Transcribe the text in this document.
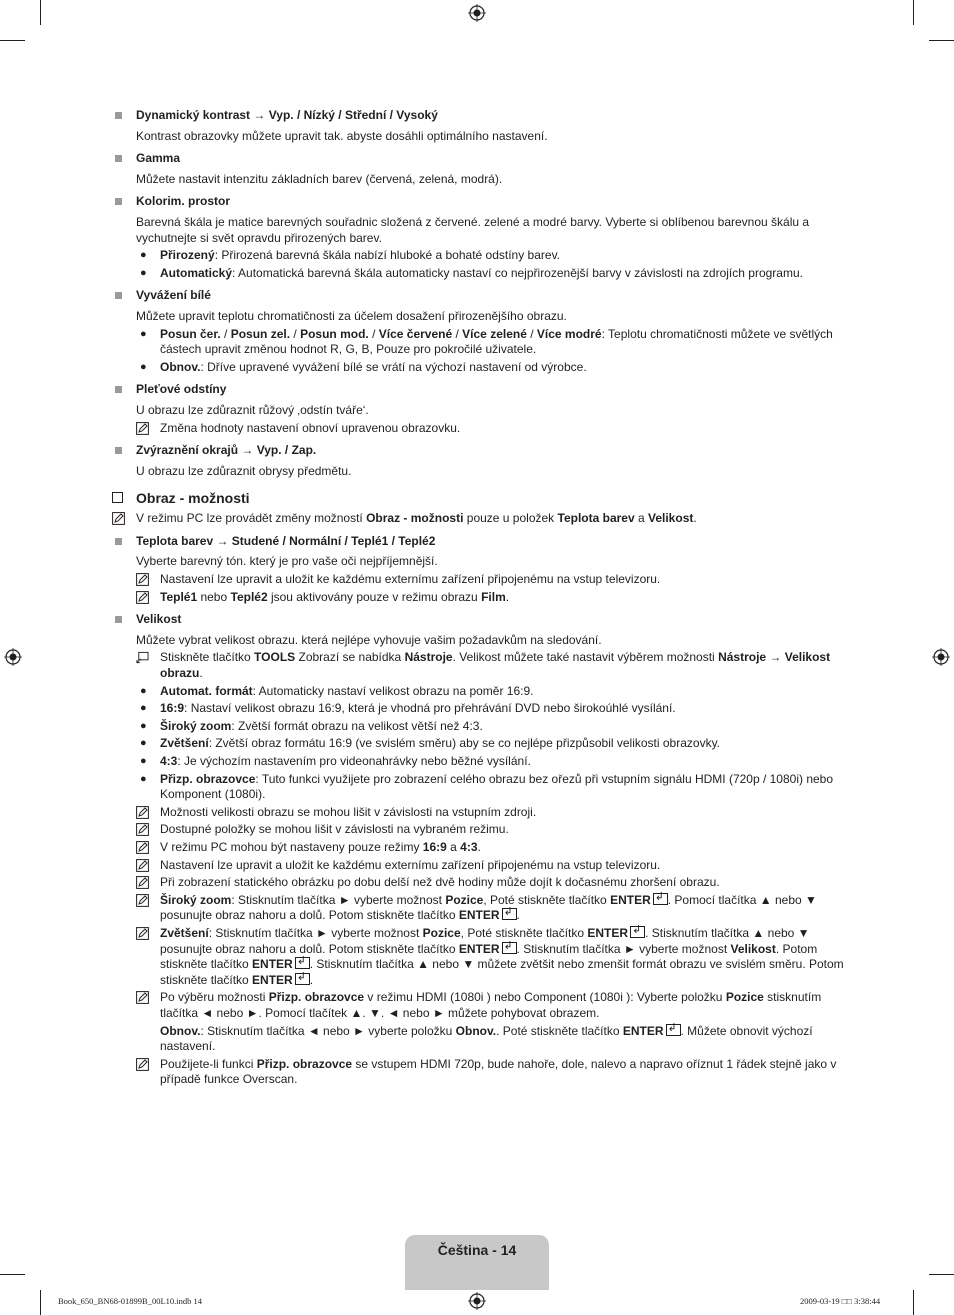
Dynamický kontrast → Vyp. / Nízký / Střední / Vysoký
Kontrast obrazovky můžete upravit tak. abyste dosáhli optimálního nastavení.
Gamma
Můžete nastavit intenzitu základních barev (červená, zelená, modrá).
Kolorim. prostor
Barevná škála je matice barevných souřadnic složená z červené. zelené a modré barvy. Vyberte si oblíbenou barevnou škálu a vychutnejte si svět opravdu přirozených barev.
● Přirozený: Přirozená barevná škála nabízí hluboké a bohaté odstíny barev.
● Automatický: Automatická barevná škála automaticky nastaví co nejpřirozenější barvy v závislosti na zdrojích programu.
Vyvážení bílé
Můžete upravit teplotu chromatičnosti za účelem dosažení přirozenějšího obrazu.
● Posun čer. / Posun zel. / Posun mod. / Více červené / Více zelené / Více modré: Teplotu chromatičnosti můžete ve světlých částech upravit změnou hodnot R, G, B, Pouze pro pokročilé uživatele.
● Obnov.: Dříve upravené vyvážení bílé se vrátí na výchozí nastavení od výrobce.
Pleťové odstíny
U obrazu lze zdůraznit růžový ‚odstín tváře‘.
Změna hodnoty nastavení obnoví upravenou obrazovku.
Zvýraznění okrajů → Vyp. / Zap.
U obrazu lze zdůraznit obrysy předmětu.
Obraz - možnosti
V režimu PC lze provádět změny možností Obraz - možnosti pouze u položek Teplota barev a Velikost.
Teplota barev → Studené / Normální / Teplé1 / Teplé2
Vyberte barevný tón. který je pro vaše oči nejpříjemnější.
Nastavení lze upravit a uložit ke každému externímu zařízení připojenému na vstup televizoru.
Teplé1 nebo Teplé2 jsou aktivovány pouze v režimu obrazu Film.
Velikost
Můžete vybrat velikost obrazu. která nejlépe vyhovuje vašim požadavkům na sledování.
Stiskněte tlačítko TOOLS Zobrazí se nabídka Nástroje. Velikost můžete také nastavit výběrem možnosti Nástroje → Velikost obrazu.
● Automat. formát: Automaticky nastaví velikost obrazu na poměr 16:9.
● 16:9: Nastaví velikost obrazu 16:9, která je vhodná pro přehrávání DVD nebo širokoúhlé vysílání.
● Široký zoom: Zvětší formát obrazu na velikost větší než 4:3.
● Zvětšení: Zvětší obraz formátu 16:9 (ve svislém směru) aby se co nejlépe přizpůsobil velikosti obrazovky.
● 4:3: Je výchozím nastavením pro videonahrávky nebo běžné vysílání.
● Přizp. obrazovce: Tuto funkci využijete pro zobrazení celého obrazu bez ořezů při vstupním signálu HDMI (720p / 1080i) nebo Komponent (1080i).
Možnosti velikosti obrazu se mohou lišit v závislosti na vstupním zdroji.
Dostupné položky se mohou lišit v závislosti na vybraném režimu.
V režimu PC mohou být nastaveny pouze režimy 16:9 a 4:3.
Nastavení lze upravit a uložit ke každému externímu zařízení připojenému na vstup televizoru.
Při zobrazení statického obrázku po dobu delší než dvě hodiny může dojít k dočasnému zhoršení obrazu.
Široký zoom: Stisknutím tlačítka ► vyberte možnost Pozice, Poté stiskněte tlačítko ENTER ↲ . Pomocí tlačítka ▲ nebo ▼ posunujte obraz nahoru a dolů. Potom stiskněte tlačítko ENTER ↲ .
Zvětšení: Stisknutím tlačítka ► vyberte možnost Pozice, Poté stiskněte tlačítko ENTER ↲ . Stisknutím tlačítka ▲ nebo ▼ posunujte obraz nahoru a dolů. Potom stiskněte tlačítko ENTER ↲ . Stisknutím tlačítka ► vyberte možnost Velikost. Potom stiskněte tlačítko ENTER ↲ . Stisknutím tlačítka ▲ nebo ▼ můžete zvětšit nebo zmenšit formát obrazu ve svislém směru. Potom stiskněte tlačítko ENTER ↲ .
Po výběru možnosti Přizp. obrazovce v režimu HDMI (1080i ) nebo Component (1080i ): Vyberte položku Pozice stisknutím tlačítka ◄ nebo ►. Pomocí tlačítek ▲. ▼. ◄ nebo ► můžete pohybovat obrazem.
Obnov.: Stisknutím tlačítka ◄ nebo ► vyberte položku Obnov.. Poté stiskněte tlačítko ENTER ↲ . Můžete obnovit výchozí nastavení.
Použijete-li funkci Přizp. obrazovce se vstupem HDMI 720p, bude nahoře, dole, nalevo a napravo oříznut 1 řádek stejně jako v případě funkce Overscan.
Čeština - 14
Book_650_BN68-01899B_00L10.indb 14	2009-03-19 □□ 3:38:44
